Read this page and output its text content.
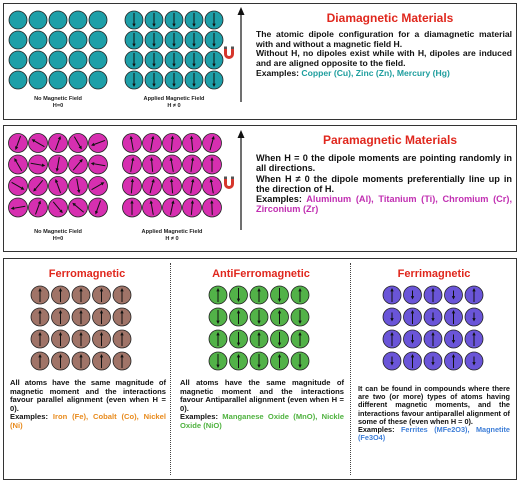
No Magnetic Field
H=0
Applied Magnetic Field
H ≠ 0
Diamagnetic Materials
The atomic dipole configuration for a diamagnetic material with and without a magnetic field H.
Without H, no dipoles exist while with H, dipoles are induced and are aligned opposite to the field.
Examples: Copper (Cu), Zinc (Zn), Mercury (Hg)
No Magnetic Field
H=0
Applied Magnetic Field
H ≠ 0
Paramagnetic Materials
When H = 0 the dipole moments are pointing randomly in all directions.
When H ≠ 0 the dipole moments preferentially line up in the direction of H.
Examples: Aluminum (Al), Titanium (Ti), Chromium (Cr), Zirconium (Zr)
Ferromagnetic
All atoms have the same magnitude of magnetic moment and the interactions favour parallel alignment (even when H = 0).
Examples: Iron (Fe), Cobalt (Co), Nickel (Ni)
AntiFerromagnetic
All atoms have the same magnitude of magnetic moment and the interactions favour Antiparallel alignment (even when H = 0).
Examples: Manganese Oxide (MnO), Nickle Oxide (NiO)
Ferrimagnetic
It can be found in compounds where there are two (or more) types of atoms having different magnetic moments, and the interactions favour antiparallel alignment of some of these (even when H = 0).
Examples: Ferrites (MFe2O3), Magnetite (Fe3O4)
